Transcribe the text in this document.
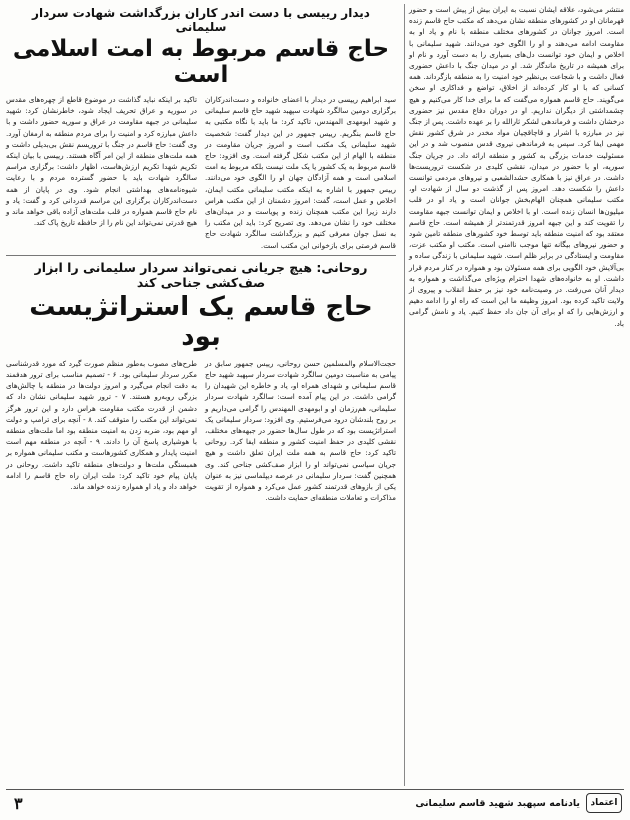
منتشر می‌شود، علاقه ایشان نسبت به ایران بیش از پیش است و حضور قهرمانان او در کشورهای منطقه نشان می‌دهد که مکتب حاج قاسم زنده است. امروز جوانان در کشورهای مختلف منطقه با نام و یاد او به مقاومت ادامه می‌دهند و او را الگوی خود می‌دانند. شهید سلیمانی با اخلاص و ایمان خود توانست دل‌های بسیاری را به دست آورد و نام او برای همیشه در تاریخ ماندگار شد. او در میدان جنگ با داعش حضوری فعال داشت و با شجاعت بی‌نظیر خود امنیت را به منطقه بازگرداند. همه کسانی که با او کار کرده‌اند از اخلاق، تواضع و فداکاری او سخن می‌گویند. حاج قاسم همواره می‌گفت که ما برای خدا کار می‌کنیم و هیچ چشمداشتی از دیگران نداریم. او در دوران دفاع مقدس نیز حضوری درخشان داشت و فرماندهی لشکر ثارالله را بر عهده داشت. پس از جنگ نیز در مبارزه با اشرار و قاچاقچیان مواد مخدر در شرق کشور نقش مهمی ایفا کرد. سپس به فرماندهی نیروی قدس منصوب شد و در این مسئولیت خدمات بزرگی به کشور و منطقه ارائه داد. در جریان جنگ سوریه، او با حضور در میدان، نقشی کلیدی در شکست تروریست‌ها داشت. در عراق نیز با همکاری حشدالشعبی و نیروهای مردمی توانست داعش را شکست دهد. امروز پس از گذشت دو سال از شهادت او، مکتب سلیمانی همچنان الهام‌بخش جوانان است و یاد او در قلب میلیون‌ها انسان زنده است. او با اخلاص و ایمان توانست جبهه مقاومت را تقویت کند و این جبهه امروز قدرتمندتر از همیشه است. حاج قاسم معتقد بود که امنیت منطقه باید توسط خود کشورهای منطقه تامین شود و حضور نیروهای بیگانه تنها موجب ناامنی است. مکتب او مکتب عزت، مقاومت و ایستادگی در برابر ظلم است. شهید سلیمانی با زندگی ساده و بی‌آلایش خود الگویی برای همه مسئولان بود و همواره در کنار مردم قرار داشت. او به خانواده‌های شهدا احترام ویژه‌ای می‌گذاشت و همواره به دیدار آنان می‌رفت. در وصیت‌نامه خود نیز بر حفظ انقلاب و پیروی از ولایت تاکید کرده بود. امروز وظیفه ما این است که راه او را ادامه دهیم و ارزش‌هایی را که او برای آن جان داد حفظ کنیم. یاد و نامش گرامی باد.
دیدار رییسی با دست اندر کاران بزرگداشت شهادت سردار سلیمانی
حاج قاسم مربوط به امت اسلامی است
سید ابراهیم رییسی در دیدار با اعضای خانواده و دست‌اندرکاران برگزاری دومین سالگرد شهادت سپهبد شهید حاج قاسم سلیمانی و شهید ابومهدی المهندس، تاکید کرد: ما باید با نگاه مکتبی به حاج قاسم بنگریم. رییس جمهور در این دیدار گفت: شخصیت شهید سلیمانی یک مکتب است و امروز جریان مقاومت در منطقه با الهام از این مکتب شکل گرفته است. وی افزود: حاج قاسم مربوط به یک کشور یا یک ملت نیست بلکه مربوط به امت اسلامی است و همه آزادگان جهان او را الگوی خود می‌دانند. رییس جمهور با اشاره به اینکه مکتب سلیمانی مکتب ایمان، اخلاص و عمل است، گفت: امروز دشمنان از این مکتب هراس دارند زیرا این مکتب همچنان زنده و پویاست و در میدان‌های مختلف خود را نشان می‌دهد. وی تصریح کرد: باید این مکتب را به نسل جوان معرفی کنیم و بزرگداشت سالگرد شهادت حاج قاسم فرصتی برای بازخوانی این مکتب است.
تاکید بر اینکه نباید گذاشت در موضوع قاطع از چهره‌های مقدس در سوریه و عراق تحریف ایجاد شود، خاطرنشان کرد: شهید سلیمانی در جبهه مقاومت در عراق و سوریه حضور داشت و با داعش مبارزه کرد و امنیت را برای مردم منطقه به ارمغان آورد. وی گفت: حاج قاسم در جنگ با تروریسم نقش بی‌بدیلی داشت و همه ملت‌های منطقه از این امر آگاه هستند. رییسی با بیان اینکه تکریم شهدا تکریم ارزش‌هاست، اظهار داشت: برگزاری مراسم سالگرد شهادت باید با حضور گسترده مردم و با رعایت شیوه‌نامه‌های بهداشتی انجام شود. وی در پایان از همه دست‌اندرکاران برگزاری این مراسم قدردانی کرد و گفت: یاد و نام حاج قاسم همواره در قلب ملت‌های آزاده باقی خواهد ماند و هیچ قدرتی نمی‌تواند این نام را از حافظه تاریخ پاک کند.
روحانی: هیچ جریانی نمی‌تواند سردار سلیمانی را ابزار صف‌کشی جناحی کند
حاج قاسم یک استراتژیست بود
حجت‌الاسلام والمسلمین حسن روحانی، رییس جمهور سابق در پیامی به مناسبت دومین سالگرد شهادت سردار سپهبد شهید حاج قاسم سلیمانی و شهدای همراه او، یاد و خاطره این شهیدان را گرامی داشت. در این پیام آمده است: سالگرد شهادت سردار سلیمانی، هم‌رزمان او و ابومهدی المهندس را گرامی می‌داریم و بر روح بلندشان درود می‌فرستیم. وی افزود: سردار سلیمانی یک استراتژیست بود که در طول سال‌ها حضور در جبهه‌های مختلف، نقشی کلیدی در حفظ امنیت کشور و منطقه ایفا کرد. روحانی تاکید کرد: حاج قاسم به همه ملت ایران تعلق داشت و هیچ جریان سیاسی نمی‌تواند او را ابزار صف‌کشی جناحی کند. وی همچنین گفت: سردار سلیمانی در عرصه دیپلماسی نیز به عنوان یکی از بازوهای قدرتمند کشور عمل می‌کرد و همواره از تقویت مذاکرات و تعاملات منطقه‌ای حمایت داشت.
طرح‌های مصوب به‌طور منظم صورت گیرد که مورد قدرشناسی مکرر سردار سلیمانی بود. ۶ - تصمیم مناسب برای ترور هدفمند به دقت انجام می‌گیرد و امروز دولت‌ها در منطقه با چالش‌های بزرگی روبه‌رو هستند. ۷ - ترور شهید سلیمانی نشان داد که دشمن از قدرت مکتب مقاومت هراس دارد و این ترور هرگز نمی‌تواند این مکتب را متوقف کند. ۸ - آنچه برای ترامپ و دولت او مهم بود، ضربه زدن به امنیت منطقه بود اما ملت‌های منطقه با هوشیاری پاسخ آن را دادند. ۹ - آنچه در منطقه مهم است امنیت پایدار و همکاری کشورهاست و مکتب سلیمانی همواره بر همبستگی ملت‌ها و دولت‌های منطقه تاکید داشت. روحانی در پایان پیام خود تاکید کرد: ملت ایران راه حاج قاسم را ادامه خواهد داد و یاد او همواره زنده خواهد ماند.
اعتماد
یادنامه سپهبد شهید قاسم سلیمانی
۳
